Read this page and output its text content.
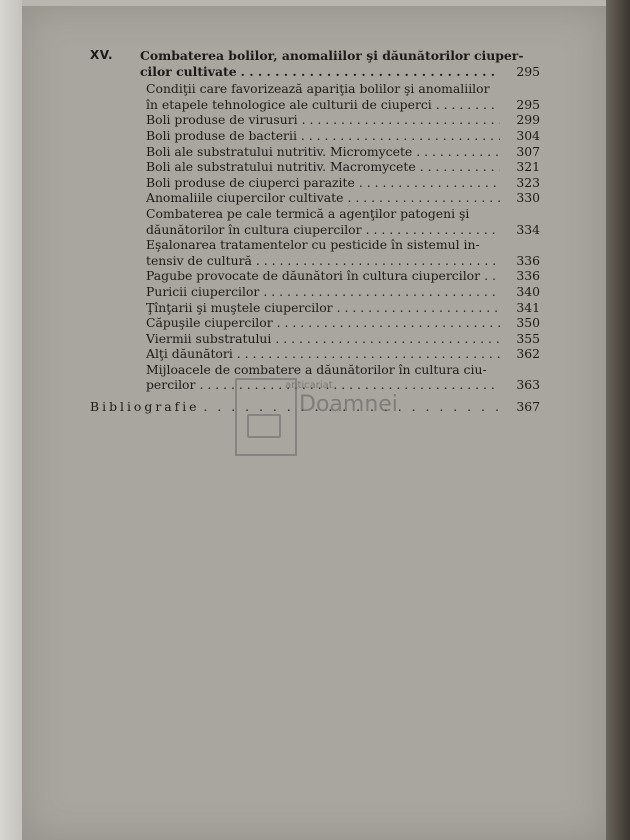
XV.	Combaterea bolilor, anomaliilor şi dăunătorilor ciuper-
cilor cultivate . . .	295
Condiţii care favorizează apariţia bolilor şi anomaliilor
în etapele tehnologice ale culturii de ciuperci . . .	295
Boli produse de virusuri . . .	299
Boli produse de bacterii . . .	304
Boli ale substratului nutritiv. Micromycete . . .	307
Boli ale substratului nutritiv. Macromycete . . .	321
Boli produse de ciuperci parazite . . .	323
Anomaliile ciupercilor cultivate . . .	330
Combaterea pe cale termică a agenţilor patogeni şi
dăunătorilor în cultura ciupercilor . . .	334
Eşalonarea tratamentelor cu pesticide în sistemul in-
tensiv de cultură . . .	336
Pagube provocate de dăunători în cultura ciupercilor . . .	336
Puricii ciupercilor . . .	340
Ţînţarii şi muştele ciupercilor . . .	341
Căpuşile ciupercilor . . .	350
Viermii substratului . . .	355
Alţi dăunători . . .	362
Mijloacele de combatere a dăunătorilor în cultura ciu-
percilor . . .	363
Bibliografie . . .	367
anticariat
Doamnei
